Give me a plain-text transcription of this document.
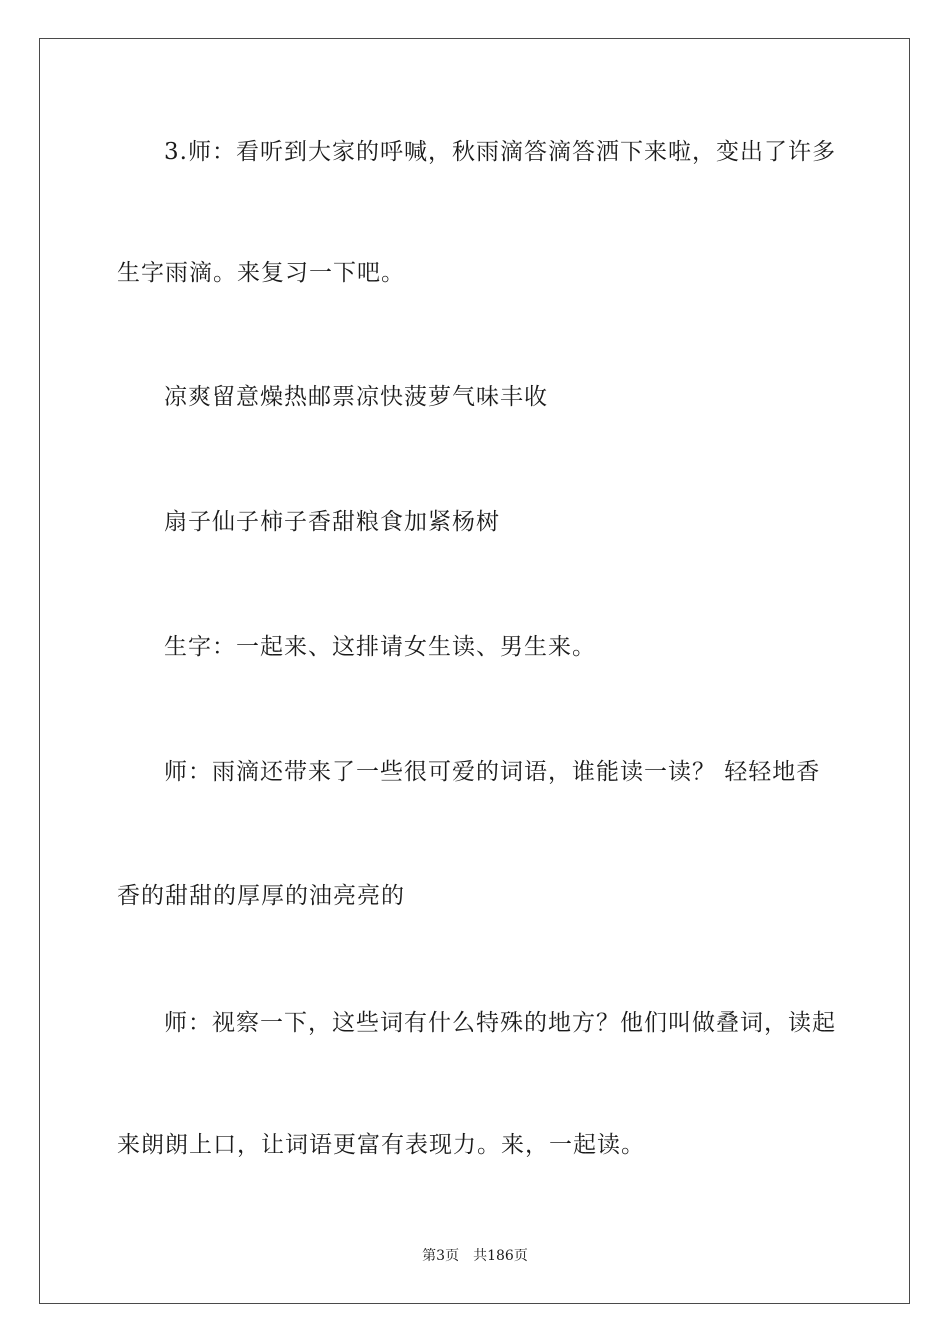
3.师：看听到大家的呼喊，秋雨滴答滴答洒下来啦，变出了许多
生字雨滴。来复习一下吧。
凉爽留意燥热邮票凉快菠萝气味丰收
扇子仙子柿子香甜粮食加紧杨树
生字：一起来、这排请女生读、男生来。
师：雨滴还带来了一些很可爱的词语，谁能读一读？ 轻轻地香
香的甜甜的厚厚的油亮亮的
师：视察一下，这些词有什么特殊的地方？他们叫做叠词，读起
来朗朗上口，让词语更富有表现力。来，一起读。
第3页 共186页
